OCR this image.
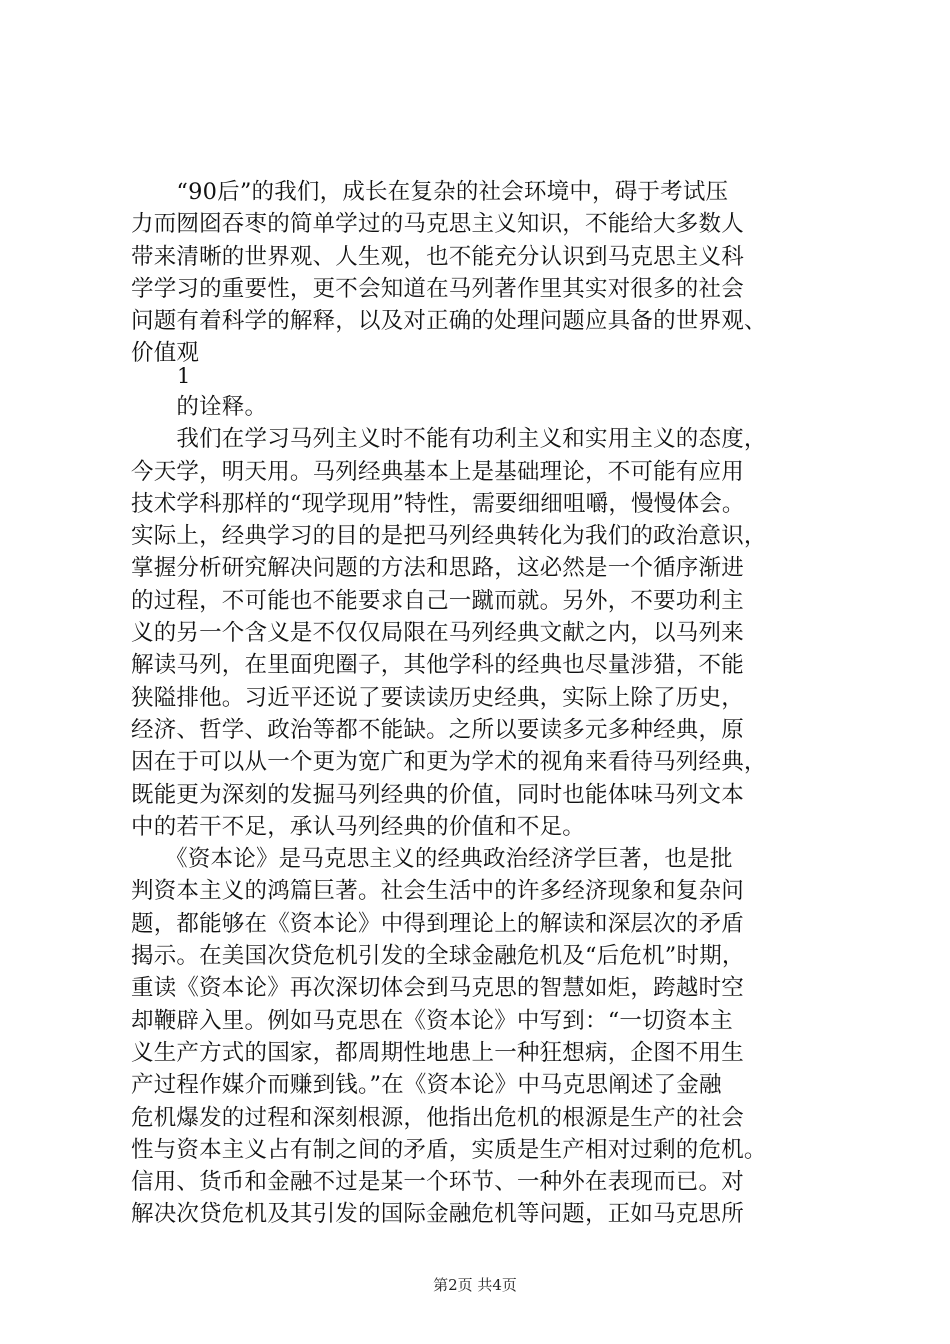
　　“90后”的我们，成长在复杂的社会环境中，碍于考试压
力而囫囵吞枣的简单学过的马克思主义知识，不能给大多数人
带来清晰的世界观、人生观，也不能充分认识到马克思主义科
学学习的重要性，更不会知道在马列著作里其实对很多的社会
问题有着科学的解释，以及对正确的处理问题应具备的世界观、
价值观
1
　　的诠释。
　　我们在学习马列主义时不能有功利主义和实用主义的态度，
今天学，明天用。马列经典基本上是基础理论，不可能有应用
技术学科那样的“现学现用”特性，需要细细咀嚼，慢慢体会。
实际上，经典学习的目的是把马列经典转化为我们的政治意识，
掌握分析研究解决问题的方法和思路，这必然是一个循序渐进
的过程，不可能也不能要求自己一蹴而就。另外，不要功利主
义的另一个含义是不仅仅局限在马列经典文献之内，以马列来
解读马列，在里面兜圈子，其他学科的经典也尽量涉猎，不能
狭隘排他。习近平还说了要读读历史经典，实际上除了历史，
经济、哲学、政治等都不能缺。之所以要读多元多种经典，原
因在于可以从一个更为宽广和更为学术的视角来看待马列经典，
既能更为深刻的发掘马列经典的价值，同时也能体味马列文本
中的若干不足，承认马列经典的价值和不足。
　　《资本论》是马克思主义的经典政治经济学巨著，也是批
判资本主义的鸿篇巨著。社会生活中的许多经济现象和复杂问
题，都能够在《资本论》中得到理论上的解读和深层次的矛盾
揭示。在美国次贷危机引发的全球金融危机及“后危机”时期，
重读《资本论》再次深切体会到马克思的智慧如炬，跨越时空
却鞭辟入里。例如马克思在《资本论》中写到：“一切资本主
义生产方式的国家，都周期性地患上一种狂想病，企图不用生
产过程作媒介而赚到钱。”在《资本论》中马克思阐述了金融
危机爆发的过程和深刻根源，他指出危机的根源是生产的社会
性与资本主义占有制之间的矛盾，实质是生产相对过剩的危机。
信用、货币和金融不过是某一个环节、一种外在表现而已。对
解决次贷危机及其引发的国际金融危机等问题，正如马克思所
第2页 共4页
